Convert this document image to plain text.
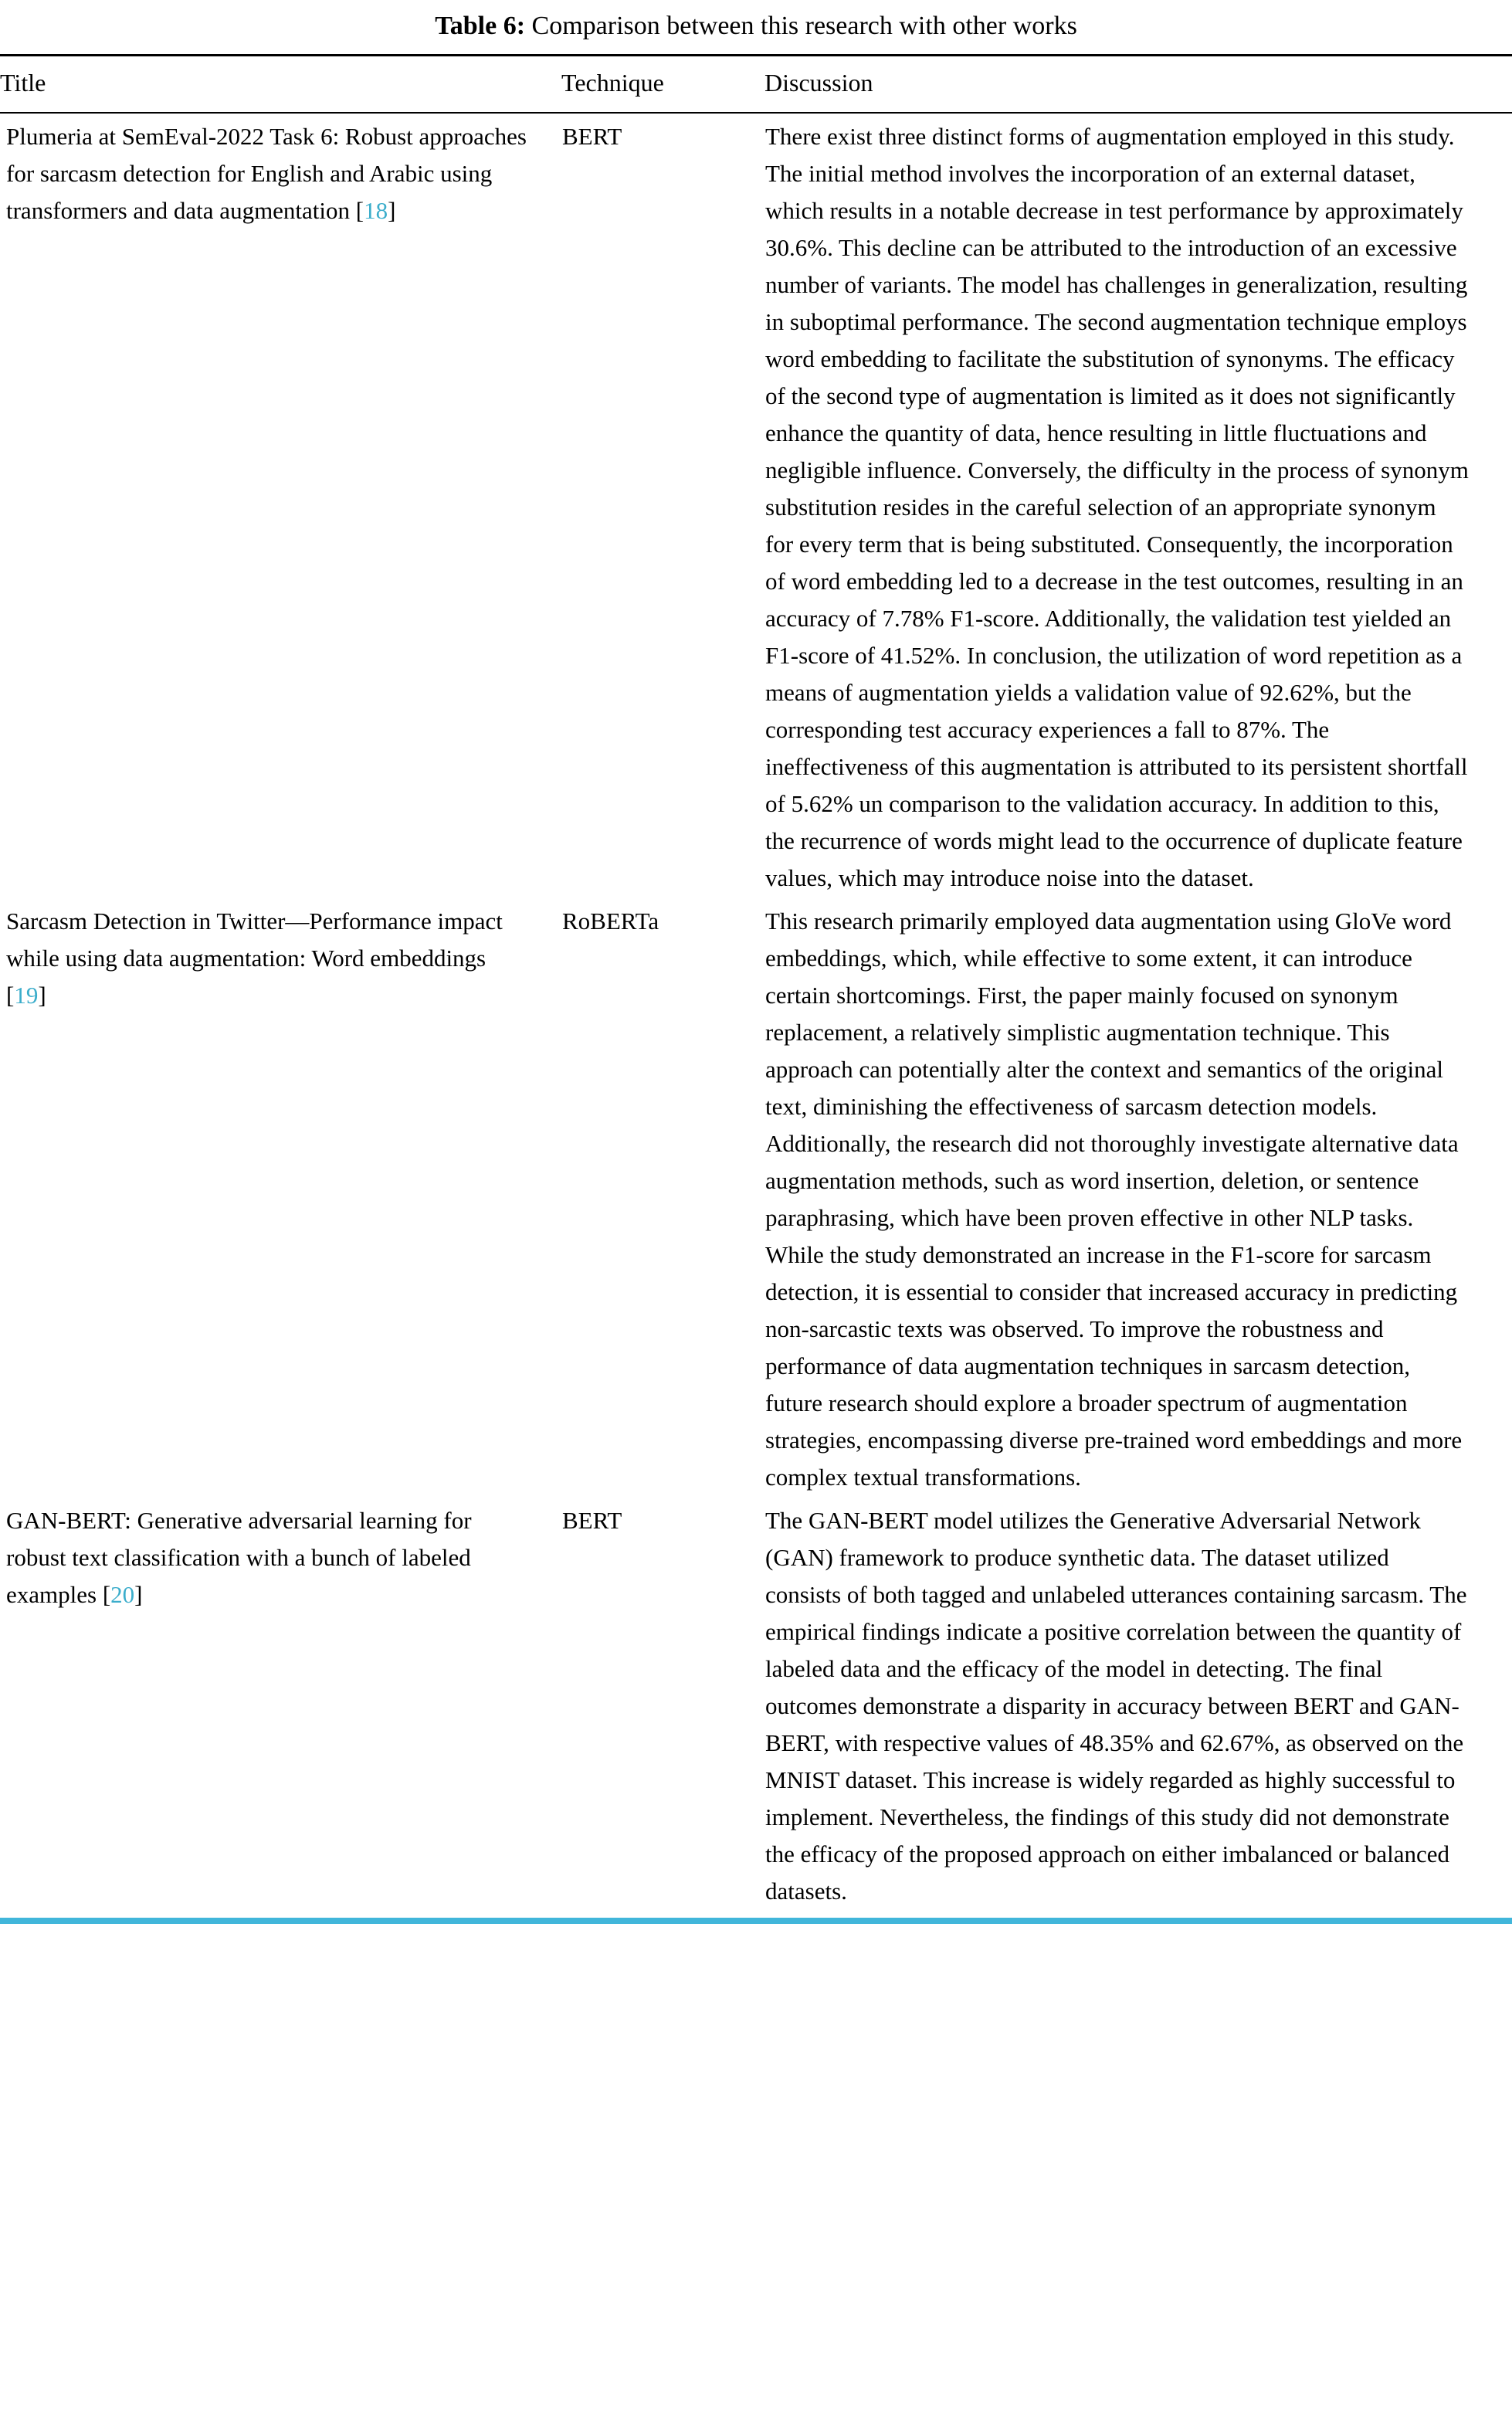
Table 6: Comparison between this research with other works
Title	Technique	Discussion
Plumeria at SemEval-2022 Task 6: Robust approaches for sarcasm detection for English and Arabic using transformers and data augmentation [18]	BERT	There exist three distinct forms of augmentation employed in this study. The initial method involves the incorporation of an external dataset, which results in a notable decrease in test performance by approximately 30.6%. This decline can be attributed to the introduction of an excessive number of variants. The model has challenges in generalization, resulting in suboptimal performance. The second augmentation technique employs word embedding to facilitate the substitution of synonyms. The efficacy of the second type of augmentation is limited as it does not significantly enhance the quantity of data, hence resulting in little fluctuations and negligible influence. Conversely, the difficulty in the process of synonym substitution resides in the careful selection of an appropriate synonym for every term that is being substituted. Consequently, the incorporation of word embedding led to a decrease in the test outcomes, resulting in an accuracy of 7.78% F1-score. Additionally, the validation test yielded an F1-score of 41.52%. In conclusion, the utilization of word repetition as a means of augmentation yields a validation value of 92.62%, but the corresponding test accuracy experiences a fall to 87%. The ineffectiveness of this augmentation is attributed to its persistent shortfall of 5.62% un comparison to the validation accuracy. In addition to this, the recurrence of words might lead to the occurrence of duplicate feature values, which may introduce noise into the dataset.
Sarcasm Detection in Twitter—Performance impact while using data augmentation: Word embeddings [19]	RoBERTa	This research primarily employed data augmentation using GloVe word embeddings, which, while effective to some extent, it can introduce certain shortcomings. First, the paper mainly focused on synonym replacement, a relatively simplistic augmentation technique. This approach can potentially alter the context and semantics of the original text, diminishing the effectiveness of sarcasm detection models. Additionally, the research did not thoroughly investigate alternative data augmentation methods, such as word insertion, deletion, or sentence paraphrasing, which have been proven effective in other NLP tasks. While the study demonstrated an increase in the F1-score for sarcasm detection, it is essential to consider that increased accuracy in predicting non-sarcastic texts was observed. To improve the robustness and performance of data augmentation techniques in sarcasm detection, future research should explore a broader spectrum of augmentation strategies, encompassing diverse pre-trained word embeddings and more complex textual transformations.
GAN-BERT: Generative adversarial learning for robust text classification with a bunch of labeled examples [20]	BERT	The GAN-BERT model utilizes the Generative Adversarial Network (GAN) framework to produce synthetic data. The dataset utilized consists of both tagged and unlabeled utterances containing sarcasm. The empirical findings indicate a positive correlation between the quantity of labeled data and the efficacy of the model in detecting. The final outcomes demonstrate a disparity in accuracy between BERT and GAN-BERT, with respective values of 48.35% and 62.67%, as observed on the MNIST dataset. This increase is widely regarded as highly successful to implement. Nevertheless, the findings of this study did not demonstrate the efficacy of the proposed approach on either imbalanced or balanced datasets.
